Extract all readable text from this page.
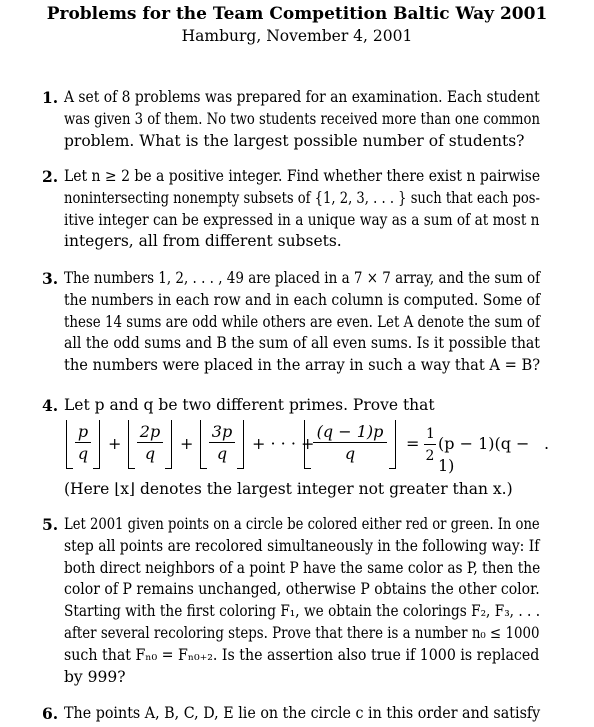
Problems for the Team Competition Baltic Way 2001
Hamburg, November 4, 2001
1. A set of 8 problems was prepared for an examination. Each student
was given 3 of them. No two students received more than one common
problem. What is the largest possible number of students?
2. Let n ≥ 2 be a positive integer. Find whether there exist n pairwise
nonintersecting nonempty subsets of {1, 2, 3, . . . } such that each pos-
itive integer can be expressed in a unique way as a sum of at most n
integers, all from different subsets.
3. The numbers 1, 2, . . . , 49 are placed in a 7 × 7 array, and the sum of
the numbers in each row and in each column is computed. Some of
these 14 sums are odd while others are even. Let A denote the sum of
all the odd sums and B the sum of all even sums. Is it possible that
the numbers were placed in the array in such a way that A = B?
4. Let p and q be two different primes. Prove that
$\frac{p}{q} + \frac{2p}{q} + \frac{3p}{q}$ + · · · +
$\frac{(q - 1)p}{q} = \frac{1}{2} (p - 1)(q - 1)$
.
(Here ⌊x⌋ denotes the largest integer not greater than x.)
5. Let 2001 given points on a circle be colored either red or green. In one
step all points are recolored simultaneously in the following way: If
both direct neighbors of a point P have the same color as P, then the
color of P remains unchanged, otherwise P obtains the other color.
Starting with the first coloring F₁, we obtain the colorings F₂, F₃, . . .
after several recoloring steps. Prove that there is a number n₀ ≤ 1000
such that Fₙ₀ = Fₙ₀₊₂. Is the assertion also true if 1000 is replaced
by 999?
6. The points A, B, C, D, E lie on the circle c in this order and satisfy
